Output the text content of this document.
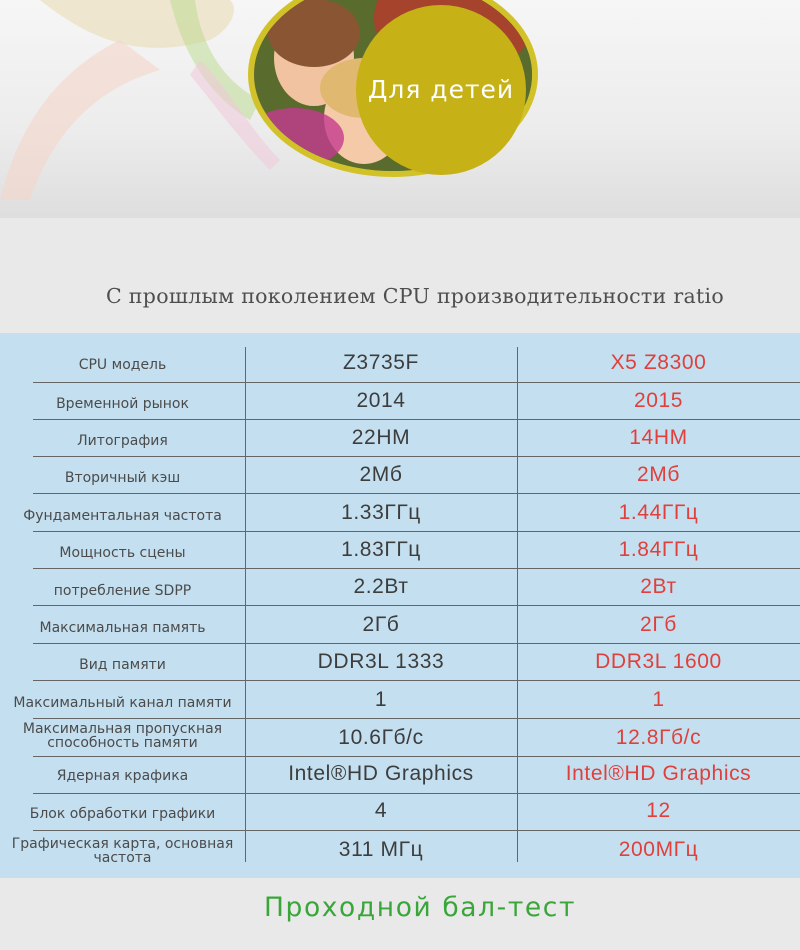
Для детей
С прошлым поколением CPU производительности ratio
CPU модель	Z3735F	X5 Z8300
Временной рынок	2014	2015
Литография	22HM	14HM
Вторичный кэш	2Мб	2Мб
Фундаментальная частота	1.33ГГц	1.44ГГц
Мощность сцены	1.83ГГц	1.84ГГц
потребление SDPP	2.2Вт	2Вт
Максимальная память	2Гб	2Гб
Вид памяти	DDR3L 1333	DDR3L 1600
Максимальный канал памяти	1	1
Максимальная пропускная способность памяти	10.6Гб/с	12.8Гб/с
Ядерная крафика	Intel®HD Graphics	Intel®HD Graphics
Блок обработки графики	4	12
Графическая карта, основная частота	311 МГц	200МГц
Проходной бал-тест
